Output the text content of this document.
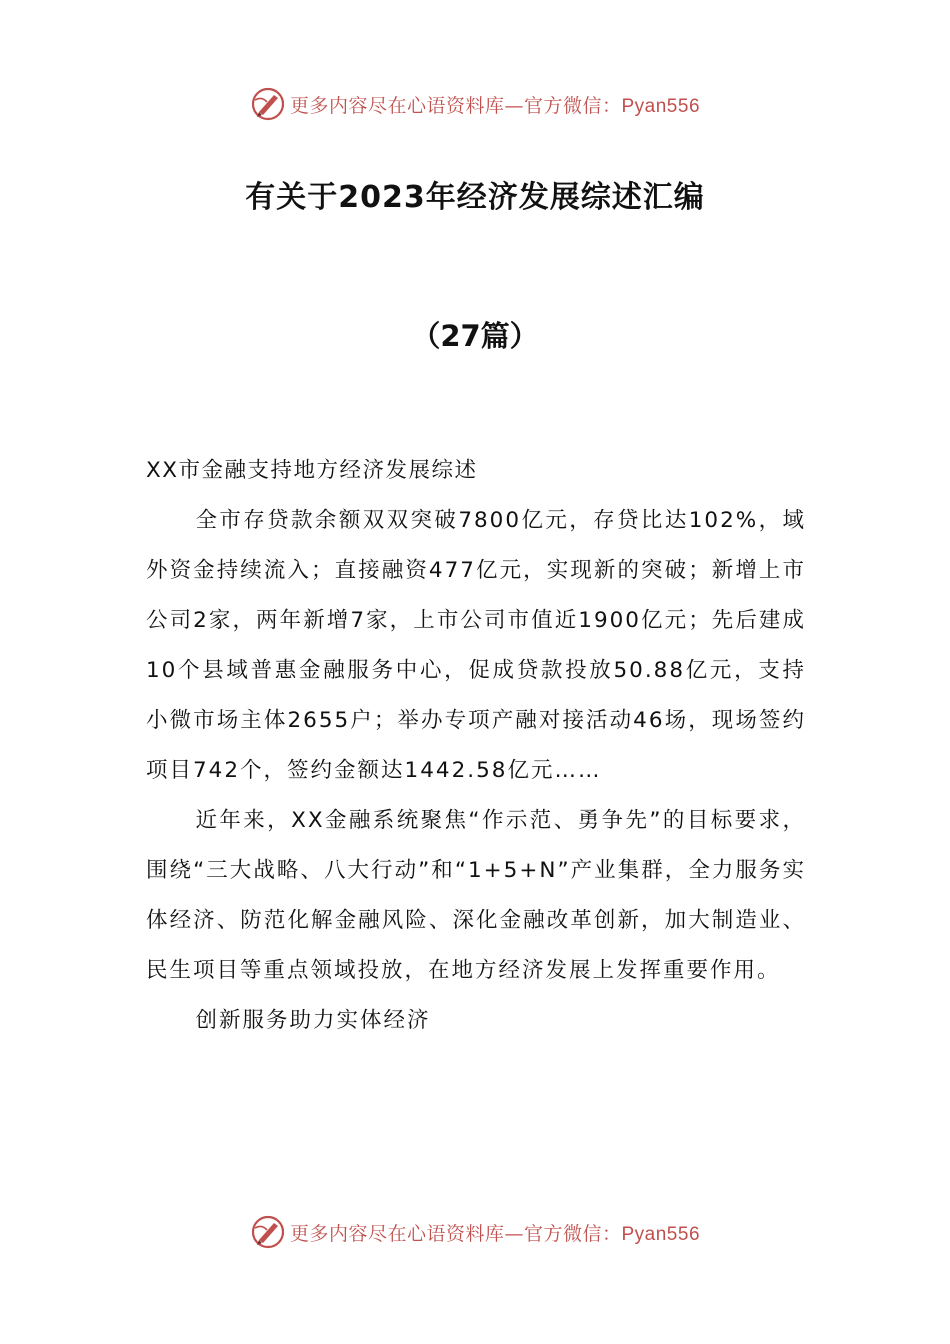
更多内容尽在心语资料库—官方微信：Pyan556
有关于2023年经济发展综述汇编
（27篇）

XX市金融支持地方经济发展综述

全市存贷款余额双双突破7800亿元，存贷比达102%，域外资金持续流入；直接融资477亿元，实现新的突破；新增上市公司2家，两年新增7家，上市公司市值近1900亿元；先后建成10个县域普惠金融服务中心，促成贷款投放50.88亿元，支持小微市场主体2655户；举办专项产融对接活动46场，现场签约项目742个，签约金额达1442.58亿元……

近年来，XX金融系统聚焦“作示范、勇争先”的目标要求，围绕“三大战略、八大行动”和“1+5+N”产业集群，全力服务实体经济、防范化解金融风险、深化金融改革创新，加大制造业、民生项目等重点领域投放，在地方经济发展上发挥重要作用。

创新服务助力实体经济

更多内容尽在心语资料库—官方微信：Pyan556
